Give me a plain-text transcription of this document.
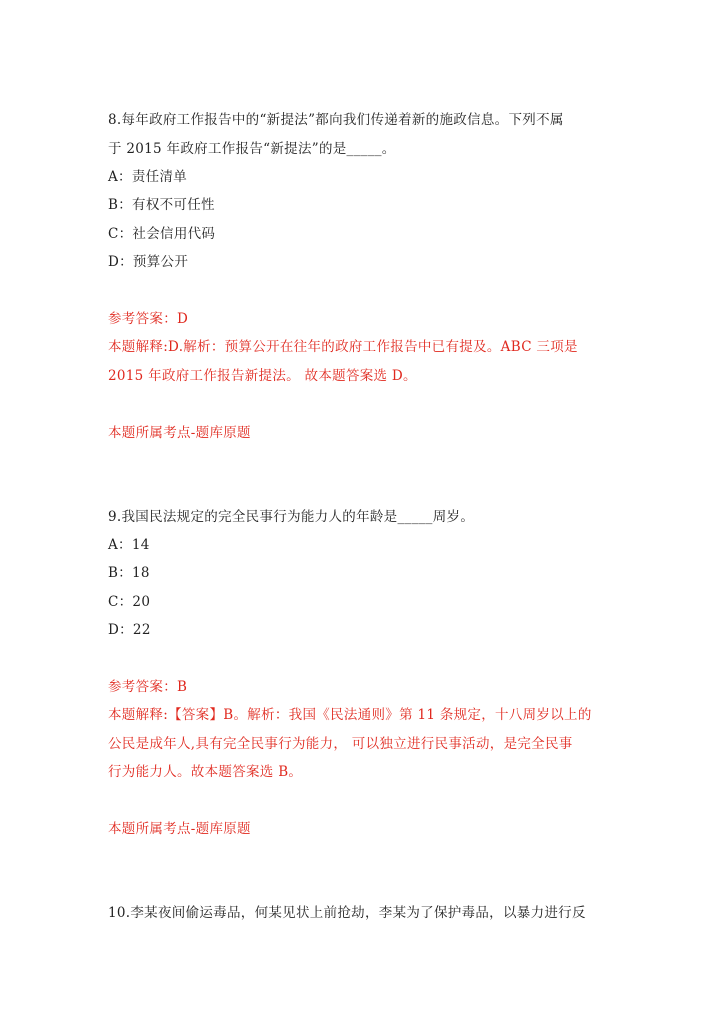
8.每年政府工作报告中的“新提法”都向我们传递着新的施政信息。下列不属
于 2015 年政府工作报告“新提法”的是_____。
A：责任清单
B：有权不可任性
C：社会信用代码
D：预算公开
参考答案：D
本题解释:D.解析：预算公开在往年的政府工作报告中已有提及。ABC 三项是
2015 年政府工作报告新提法。 故本题答案选 D。
本题所属考点-题库原题
9.我国民法规定的完全民事行为能力人的年龄是_____周岁。
A：14
B：18
C：20
D：22
参考答案：B
本题解释:【答案】B。解析：我国《民法通则》第 11 条规定，十八周岁以上的
公民是成年人,具有完全民事行为能力， 可以独立进行民事活动，是完全民事
行为能力人。故本题答案选 B。
本题所属考点-题库原题
10.李某夜间偷运毒品，何某见状上前抢劫，李某为了保护毒品，以暴力进行反
